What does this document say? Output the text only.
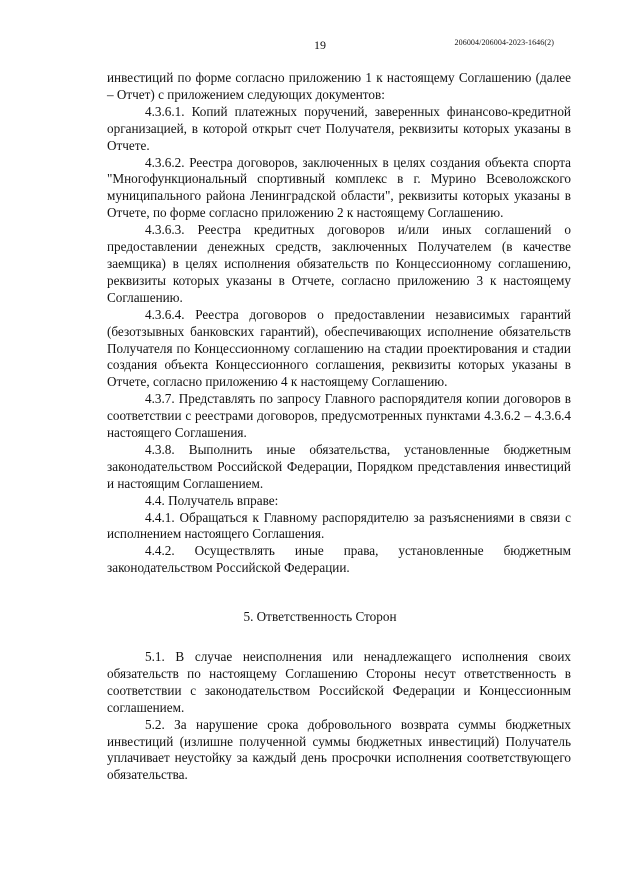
19	206004/206004-2023-1646(2)

инвестиций по форме согласно приложению 1 к настоящему Соглашению (далее – Отчет) с приложением следующих документов:

4.3.6.1. Копий платежных поручений, заверенных финансово-кредитной организацией, в которой открыт счет Получателя, реквизиты которых указаны в Отчете.

4.3.6.2. Реестра договоров, заключенных в целях создания объекта спорта "Многофункциональный спортивный комплекс в г. Мурино Всеволожского муниципального района Ленинградской области", реквизиты которых указаны в Отчете, по форме согласно приложению 2 к настоящему Соглашению.

4.3.6.3. Реестра кредитных договоров и/или иных соглашений о предоставлении денежных средств, заключенных Получателем (в качестве заемщика) в целях исполнения обязательств по Концессионному соглашению, реквизиты которых указаны в Отчете, согласно приложению 3 к настоящему Соглашению.

4.3.6.4. Реестра договоров о предоставлении независимых гарантий (безотзывных банковских гарантий), обеспечивающих исполнение обязательств Получателя по Концессионному соглашению на стадии проектирования и стадии создания объекта Концессионного соглашения, реквизиты которых указаны в Отчете, согласно приложению 4 к настоящему Соглашению.

4.3.7. Представлять по запросу Главного распорядителя копии договоров в соответствии с реестрами договоров, предусмотренных пунктами 4.3.6.2 – 4.3.6.4 настоящего Соглашения.

4.3.8. Выполнить иные обязательства, установленные бюджетным законодательством Российской Федерации, Порядком представления инвестиций и настоящим Соглашением.

4.4. Получатель вправе:

4.4.1. Обращаться к Главному распорядителю за разъяснениями в связи с исполнением настоящего Соглашения.

4.4.2. Осуществлять иные права, установленные бюджетным законодательством Российской Федерации.

5. Ответственность Сторон

5.1. В случае неисполнения или ненадлежащего исполнения своих обязательств по настоящему Соглашению Стороны несут ответственность в соответствии с законодательством Российской Федерации и Концессионным соглашением.

5.2. За нарушение срока добровольного возврата суммы бюджетных инвестиций (излишне полученной суммы бюджетных инвестиций) Получатель уплачивает неустойку за каждый день просрочки исполнения соответствующего обязательства.
